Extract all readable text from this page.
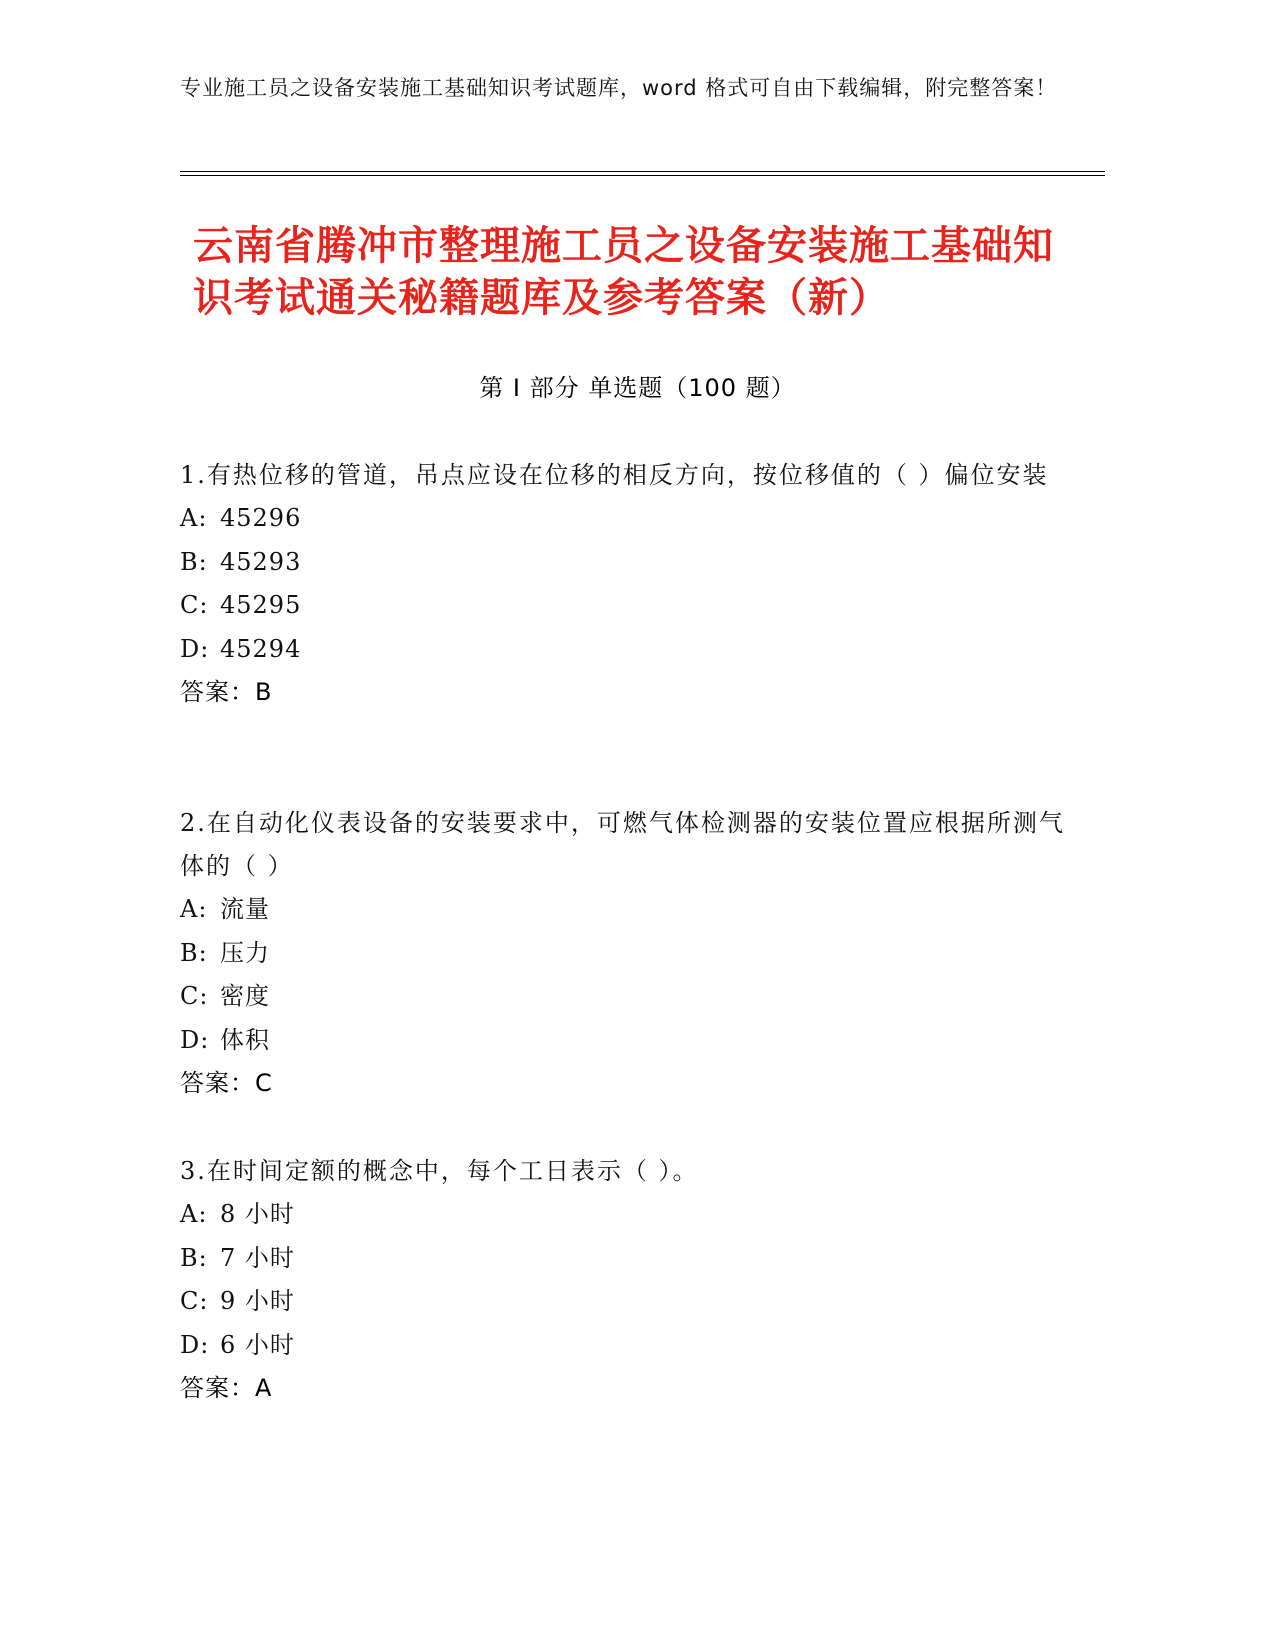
专业施工员之设备安装施工基础知识考试题库，word 格式可自由下载编辑，附完整答案！
云南省腾冲市整理施工员之设备安装施工基础知识考试通关秘籍题库及参考答案（新）
第 I 部分 单选题（100 题）
1.有热位移的管道，吊点应设在位移的相反方向，按位移值的（ ）偏位安装
A: 45296
B: 45293
C: 45295
D: 45294
答案：B
2.在自动化仪表设备的安装要求中，可燃气体检测器的安装位置应根据所测气体的（ ）
A: 流量
B: 压力
C: 密度
D: 体积
答案：C
3.在时间定额的概念中，每个工日表示（ ）。
A: 8 小时
B: 7 小时
C: 9 小时
D: 6 小时
答案：A
